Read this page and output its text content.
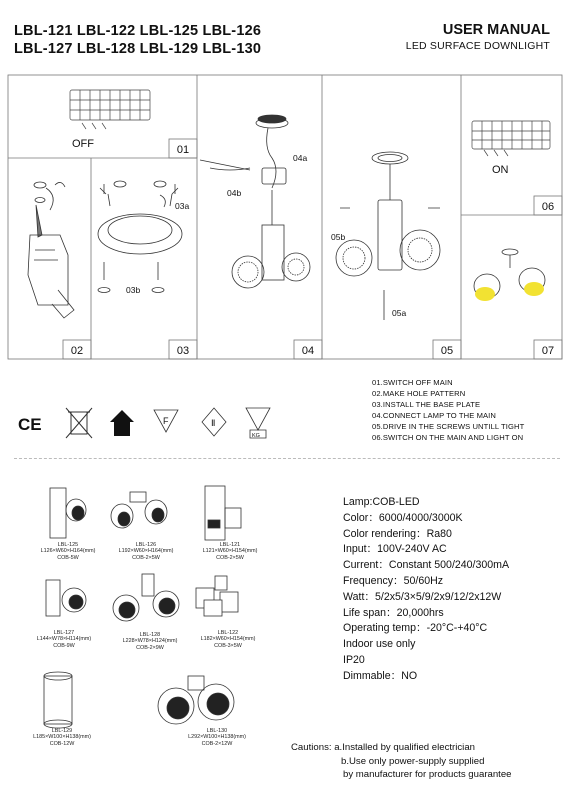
LBL-121 LBL-122 LBL-125 LBL-126
LBL-127 LBL-128 LBL-129 LBL-130
USER MANUAL
LED SURFACE DOWNLIGHT
01
02	03	04	05
06
07
OFF
03a
03b
04a
04b
05b
05a
ON
01.SWITCH OFF MAIN
02.MAKE HOLE PATTERN
03.INSTALL THE BASE PLATE
04.CONNECT LAMP TO THE MAIN
05.DRIVE IN THE SCREWS UNTILL TIGHT
06.SWITCH ON THE MAIN AND LIGHT ON
CE	F	Ⅱ
KG
LBL-125
L126×W60×H164(mm)
COB-5W
LBL-126
L192×W60×H164(mm)
COB-2×5W
LBL-121
L121×W60×H154(mm)
COB-2×5W
LBL-127
L144×W78×H114(mm)
COB-9W
LBL-128
L228×W78×H124(mm)
COB-2×9W
LBL-122
L182×W60×H154(mm)
COB-3×5W
LBL-129
L185×W100×H138(mm)
COB-12W
LBL-130
L292×W100×H138(mm)
COB-2×12W
Lamp:COB-LED
Color：6000/4000/3000K
Color rendering：Ra80
Input：100V-240V AC
Current：Constant 500/240/300mA
Frequency：50/60Hz
Watt：5/2x5/3×5/9/2x9/12/2x12W
Life span：20,000hrs
Operating temp：-20°C-+40°C
Indoor use only
IP20
Dimmable：NO
Cautions: a.Installed by qualified electrician
b.Use only power-supply supplied
by manufacturer for products guarantee
